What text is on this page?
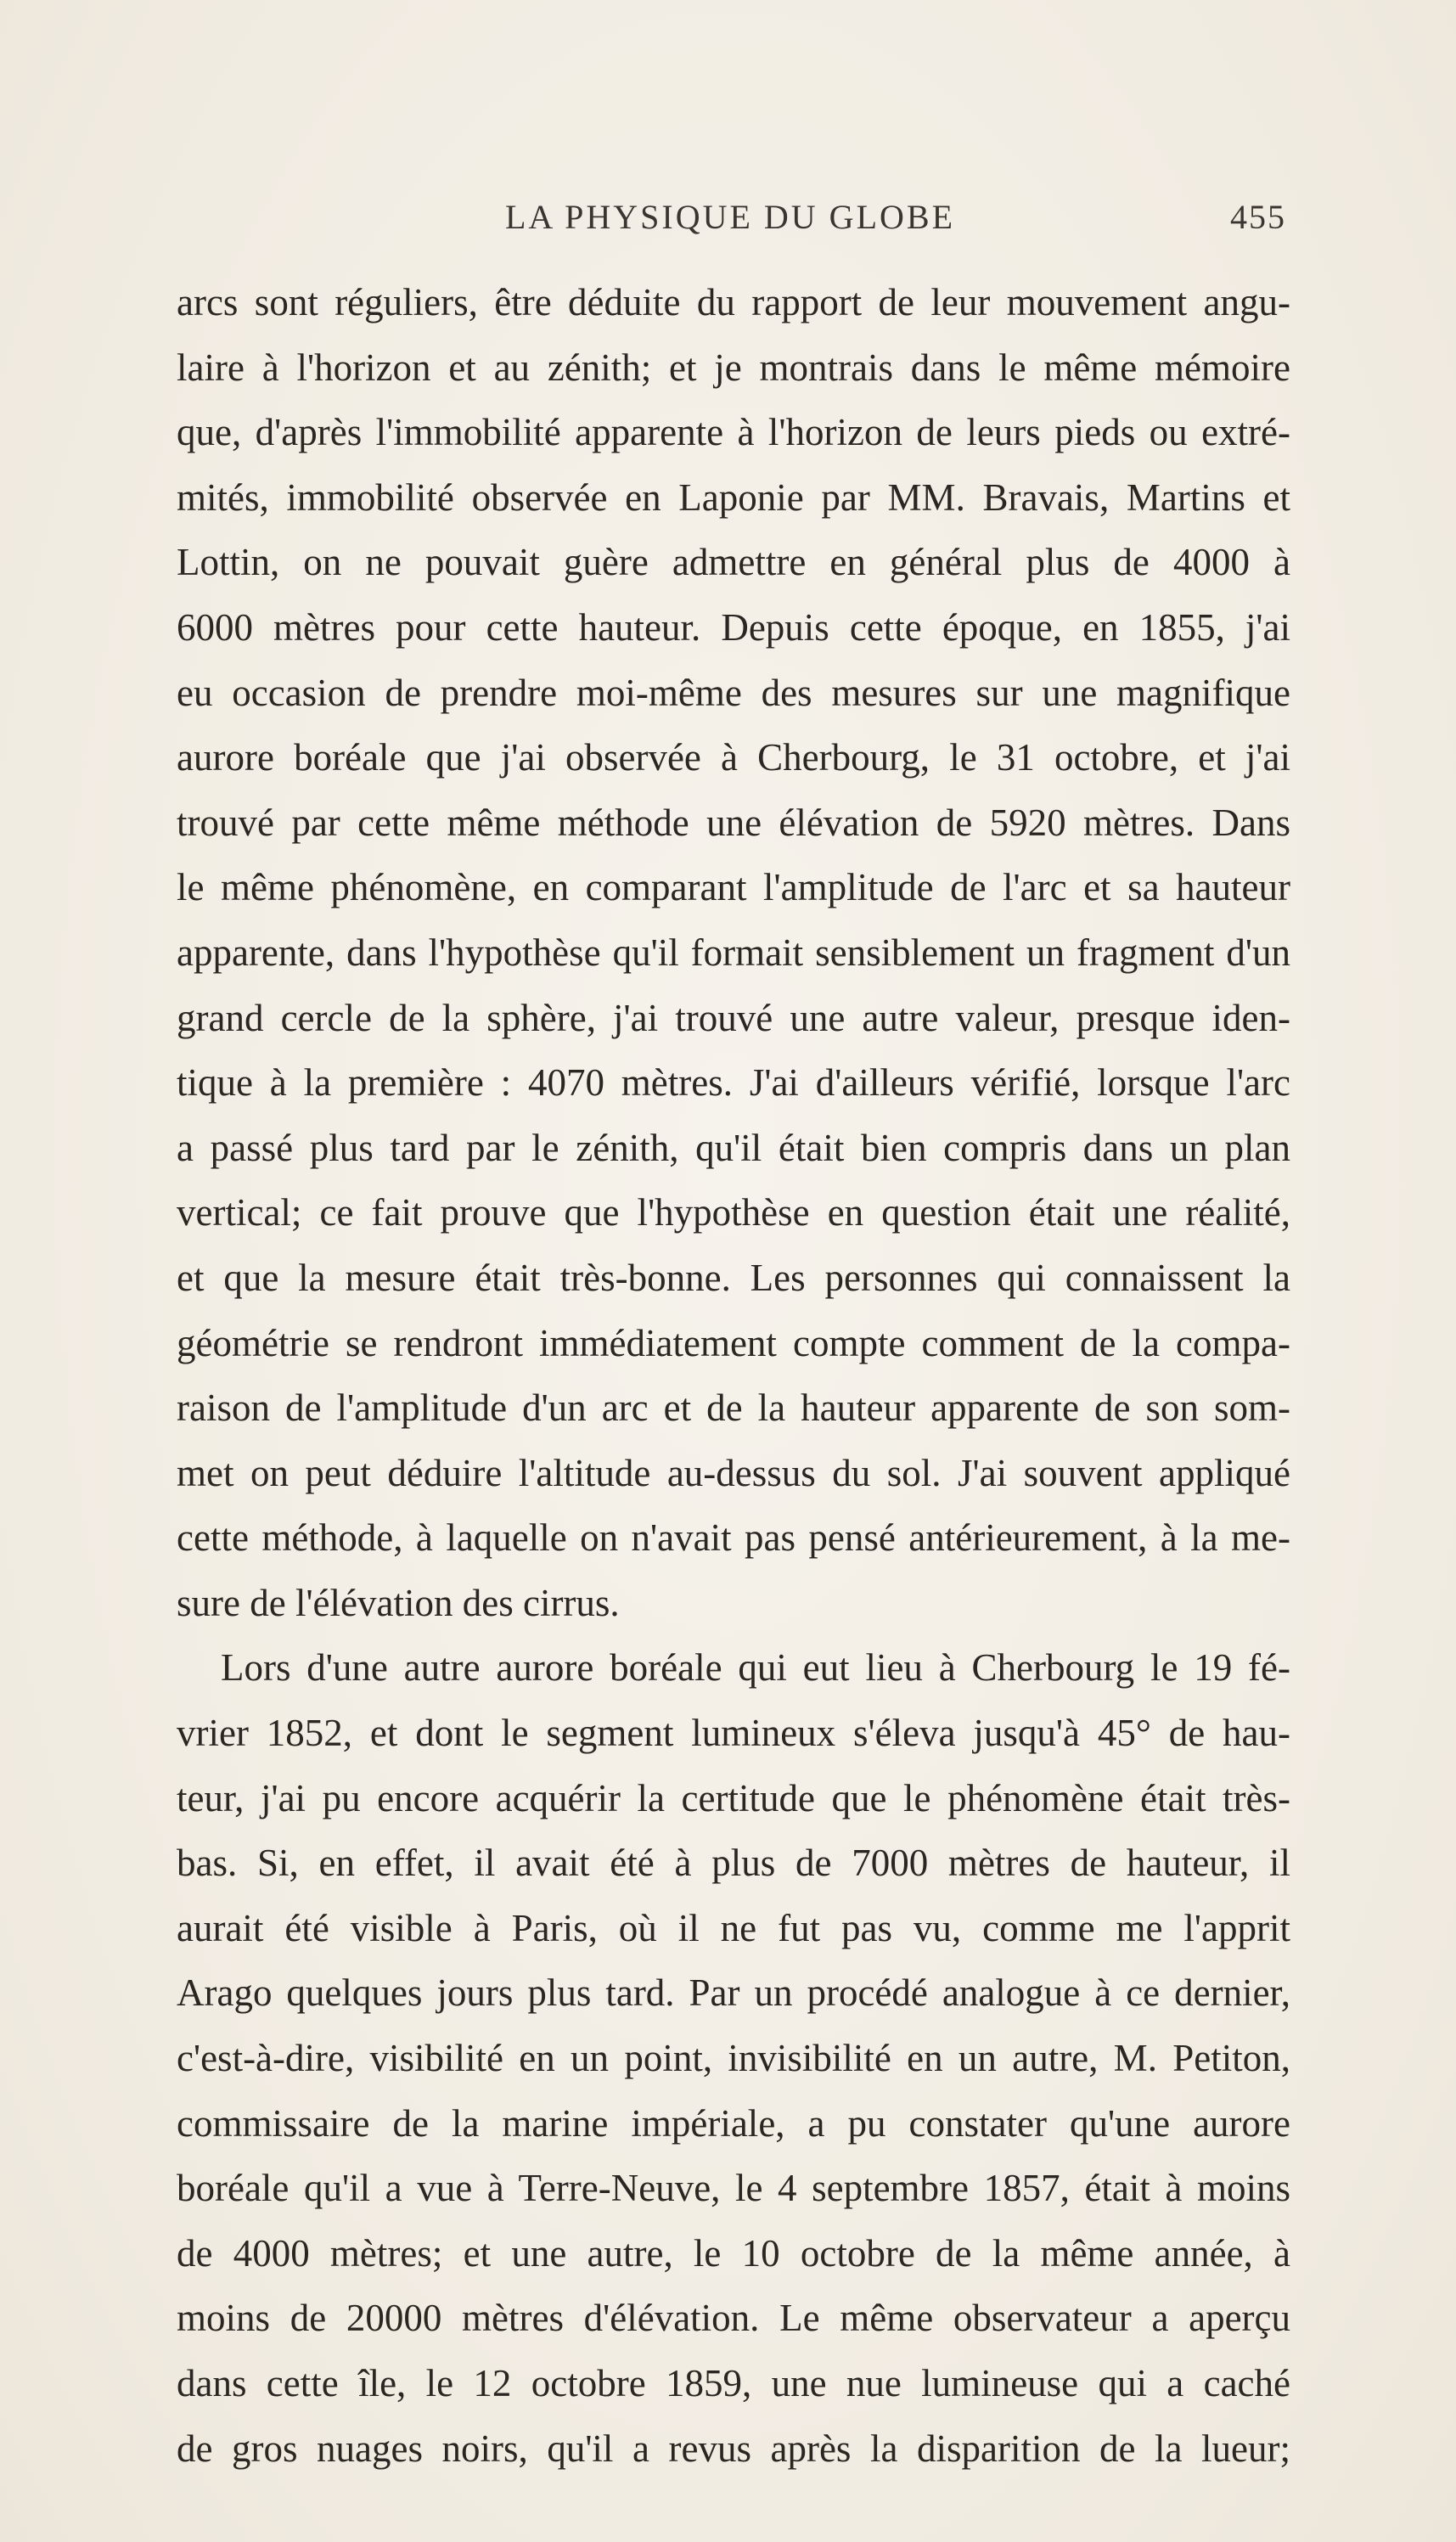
LA PHYSIQUE DU GLOBE	455
arcs sont réguliers, être déduite du rapport de leur mouvement angu-
laire à l'horizon et au zénith; et je montrais dans le même mémoire
que, d'après l'immobilité apparente à l'horizon de leurs pieds ou extré-
mités, immobilité observée en Laponie par MM. Bravais, Martins et
Lottin, on ne pouvait guère admettre en général plus de 4000 à
6000 mètres pour cette hauteur. Depuis cette époque, en 1855, j'ai
eu occasion de prendre moi-même des mesures sur une magnifique
aurore boréale que j'ai observée à Cherbourg, le 31 octobre, et j'ai
trouvé par cette même méthode une élévation de 5920 mètres. Dans
le même phénomène, en comparant l'amplitude de l'arc et sa hauteur
apparente, dans l'hypothèse qu'il formait sensiblement un fragment d'un
grand cercle de la sphère, j'ai trouvé une autre valeur, presque iden-
tique à la première : 4070 mètres. J'ai d'ailleurs vérifié, lorsque l'arc
a passé plus tard par le zénith, qu'il était bien compris dans un plan
vertical; ce fait prouve que l'hypothèse en question était une réalité,
et que la mesure était très-bonne. Les personnes qui connaissent la
géométrie se rendront immédiatement compte comment de la compa-
raison de l'amplitude d'un arc et de la hauteur apparente de son som-
met on peut déduire l'altitude au-dessus du sol. J'ai souvent appliqué
cette méthode, à laquelle on n'avait pas pensé antérieurement, à la me-
sure de l'élévation des cirrus.
Lors d'une autre aurore boréale qui eut lieu à Cherbourg le 19 fé-
vrier 1852, et dont le segment lumineux s'éleva jusqu'à 45° de hau-
teur, j'ai pu encore acquérir la certitude que le phénomène était très-
bas. Si, en effet, il avait été à plus de 7000 mètres de hauteur, il
aurait été visible à Paris, où il ne fut pas vu, comme me l'apprit
Arago quelques jours plus tard. Par un procédé analogue à ce dernier,
c'est-à-dire, visibilité en un point, invisibilité en un autre, M. Petiton,
commissaire de la marine impériale, a pu constater qu'une aurore
boréale qu'il a vue à Terre-Neuve, le 4 septembre 1857, était à moins
de 4000 mètres; et une autre, le 10 octobre de la même année, à
moins de 20000 mètres d'élévation. Le même observateur a aperçu
dans cette île, le 12 octobre 1859, une nue lumineuse qui a caché
de gros nuages noirs, qu'il a revus après la disparition de la lueur;
